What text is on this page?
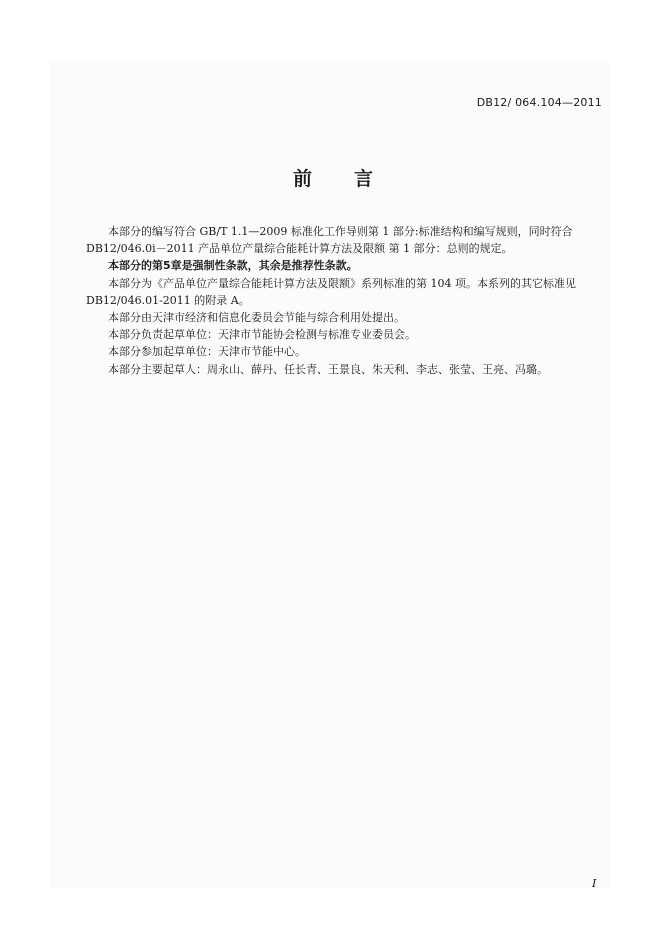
DB12/ 064.104—2011
前 言

本部分的编写符合 GB/T 1.1—2009 标准化工作导则第 1 部分:标准结构和编写规则，同时符合

DB12/046.0i－2011 产品单位产量综合能耗计算方法及限额 第 1 部分：总则的规定。

本部分的第5章是强制性条款，其余是推荐性条款。

本部分为《产品单位产量综合能耗计算方法及限额》系列标准的第 104 项。本系列的其它标准见

DB12/046.01-2011 的附录 A。

本部分由天津市经济和信息化委员会节能与综合利用处提出。

本部分负责起草单位：天津市节能协会检测与标准专业委员会。

本部分参加起草单位：天津市节能中心。

本部分主要起草人：周永山、薛丹、任长青、王景良、朱天利、李志、张莹、王亮、冯璐。

I
